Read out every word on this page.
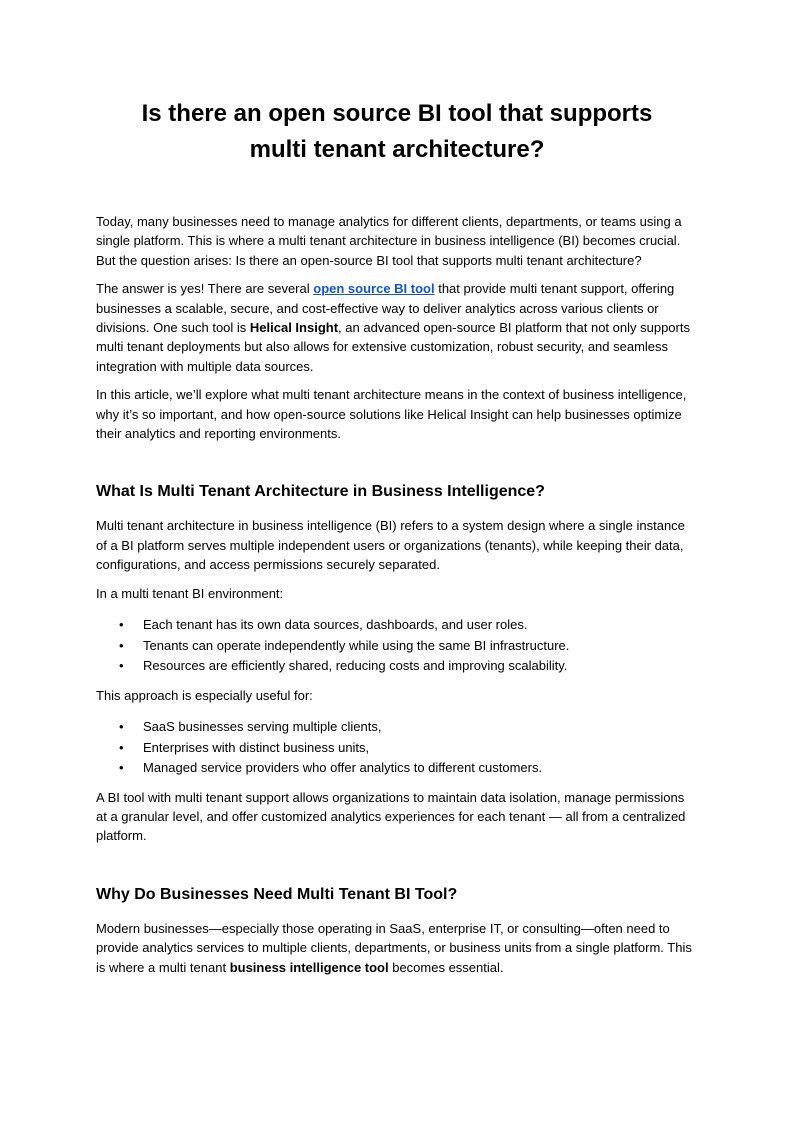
Is there an open source BI tool that supports multi tenant architecture?

Today, many businesses need to manage analytics for different clients, departments, or teams using a single platform. This is where a multi tenant architecture in business intelligence (BI) becomes crucial. But the question arises: Is there an open-source BI tool that supports multi tenant architecture?

The answer is yes! There are several open source BI tool that provide multi tenant support, offering businesses a scalable, secure, and cost-effective way to deliver analytics across various clients or divisions. One such tool is Helical Insight, an advanced open-source BI platform that not only supports multi tenant deployments but also allows for extensive customization, robust security, and seamless integration with multiple data sources.

In this article, we’ll explore what multi tenant architecture means in the context of business intelligence, why it’s so important, and how open-source solutions like Helical Insight can help businesses optimize their analytics and reporting environments.

What Is Multi Tenant Architecture in Business Intelligence?

Multi tenant architecture in business intelligence (BI) refers to a system design where a single instance of a BI platform serves multiple independent users or organizations (tenants), while keeping their data, configurations, and access permissions securely separated.

In a multi tenant BI environment:

• Each tenant has its own data sources, dashboards, and user roles.
• Tenants can operate independently while using the same BI infrastructure.
• Resources are efficiently shared, reducing costs and improving scalability.

This approach is especially useful for:

• SaaS businesses serving multiple clients,
• Enterprises with distinct business units,
• Managed service providers who offer analytics to different customers.

A BI tool with multi tenant support allows organizations to maintain data isolation, manage permissions at a granular level, and offer customized analytics experiences for each tenant — all from a centralized platform.

Why Do Businesses Need Multi Tenant BI Tool?

Modern businesses—especially those operating in SaaS, enterprise IT, or consulting—often need to provide analytics services to multiple clients, departments, or business units from a single platform. This is where a multi tenant business intelligence tool becomes essential.
